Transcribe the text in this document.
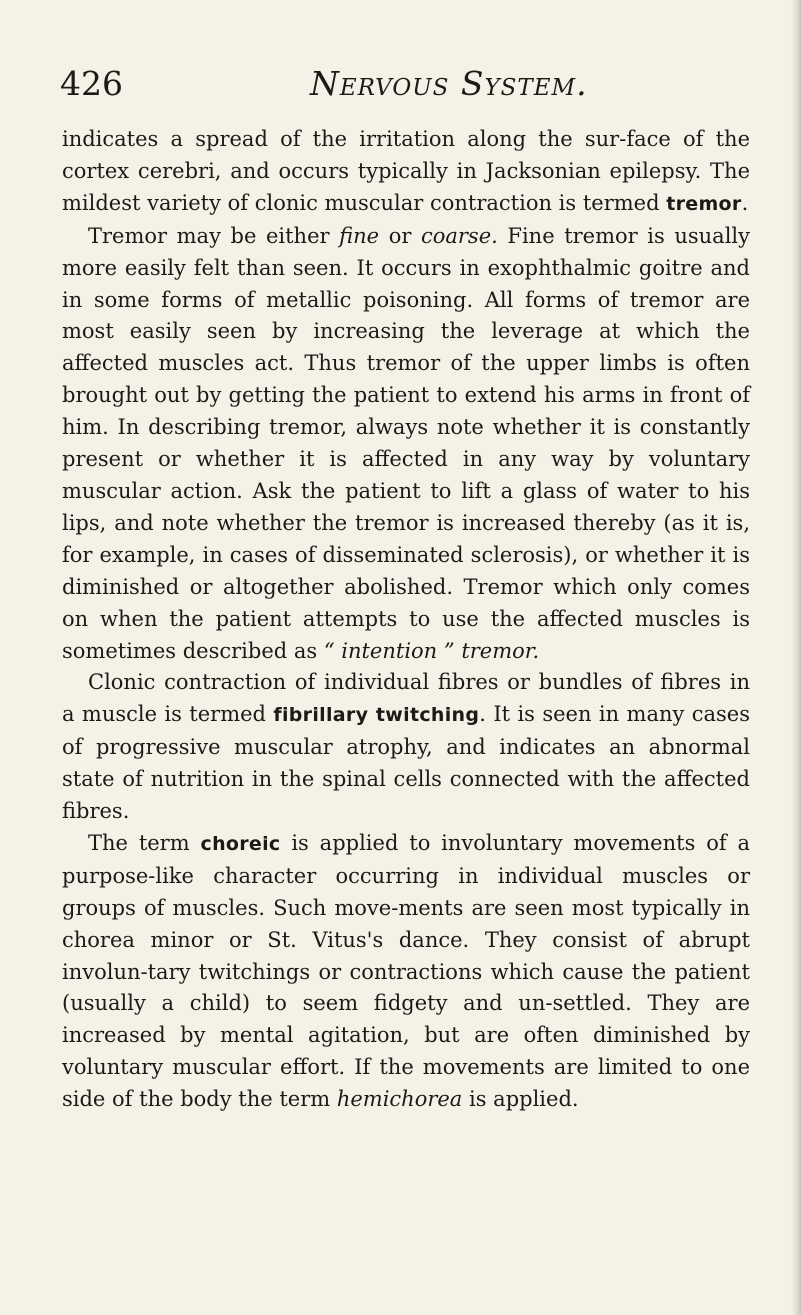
426	Nervous System.

indicates a spread of the irritation along the sur-face of the cortex cerebri, and occurs typically in Jacksonian epilepsy. The mildest variety of clonic muscular contraction is termed tremor.

Tremor may be either fine or coarse. Fine tremor is usually more easily felt than seen. It occurs in exophthalmic goitre and in some forms of metallic poisoning. All forms of tremor are most easily seen by increasing the leverage at which the affected muscles act. Thus tremor of the upper limbs is often brought out by getting the patient to extend his arms in front of him. In describing tremor, always note whether it is constantly present or whether it is affected in any way by voluntary muscular action. Ask the patient to lift a glass of water to his lips, and note whether the tremor is increased thereby (as it is, for example, in cases of disseminated sclerosis), or whether it is diminished or altogether abolished. Tremor which only comes on when the patient attempts to use the affected muscles is sometimes described as “ intention ” tremor.

Clonic contraction of individual fibres or bundles of fibres in a muscle is termed fibrillary twitching. It is seen in many cases of progressive muscular atrophy, and indicates an abnormal state of nutrition in the spinal cells connected with the affected fibres.

The term choreic is applied to involuntary movements of a purpose-like character occurring in individual muscles or groups of muscles. Such move-ments are seen most typically in chorea minor or St. Vitus's dance. They consist of abrupt involun-tary twitchings or contractions which cause the patient (usually a child) to seem fidgety and un-settled. They are increased by mental agitation, but are often diminished by voluntary muscular effort. If the movements are limited to one side of the body the term hemichorea is applied.
